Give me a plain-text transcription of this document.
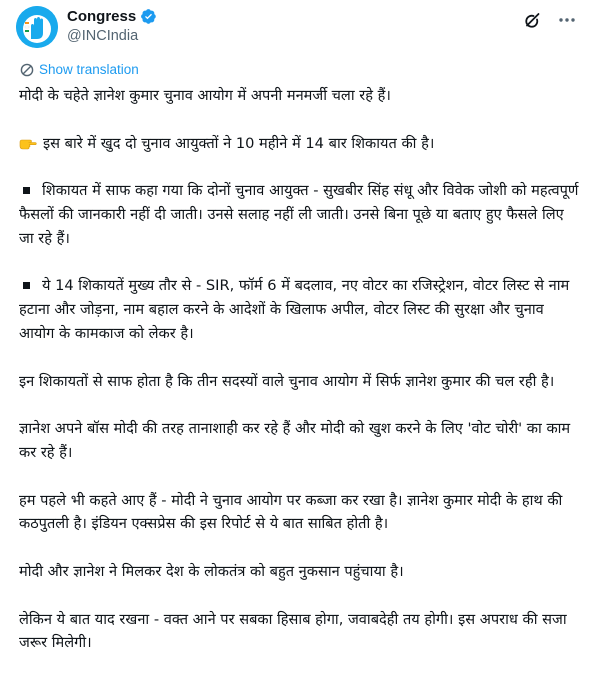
Congress
@INCIndia
Show translation

मोदी के चहेते ज्ञानेश कुमार चुनाव आयोग में अपनी मनमर्जी चला रहे हैं।

इस बारे में खुद दो चुनाव आयुक्तों ने 10 महीने में 14 बार शिकायत की है।

शिकायत में साफ कहा गया कि दोनों चुनाव आयुक्त - सुखबीर सिंह संधू और विवेक जोशी को महत्वपूर्ण फैसलों की जानकारी नहीं दी जाती। उनसे सलाह नहीं ली जाती। उनसे बिना पूछे या बताए हुए फैसले लिए जा रहे हैं।

ये 14 शिकायतें मुख्य तौर से - SIR, फॉर्म 6 में बदलाव, नए वोटर का रजिस्ट्रेशन, वोटर लिस्ट से नाम हटाना और जोड़ना, नाम बहाल करने के आदेशों के खिलाफ अपील, वोटर लिस्ट की सुरक्षा और चुनाव आयोग के कामकाज को लेकर है।

इन शिकायतों से साफ होता है कि तीन सदस्यों वाले चुनाव आयोग में सिर्फ ज्ञानेश कुमार की चल रही है।

ज्ञानेश अपने बॉस मोदी की तरह तानाशाही कर रहे हैं और मोदी को खुश करने के लिए 'वोट चोरी' का काम कर रहे हैं।

हम पहले भी कहते आए हैं - मोदी ने चुनाव आयोग पर कब्जा कर रखा है। ज्ञानेश कुमार मोदी के हाथ की कठपुतली है। इंडियन एक्सप्रेस की इस रिपोर्ट से ये बात साबित होती है।

मोदी और ज्ञानेश ने मिलकर देश के लोकतंत्र को बहुत नुकसान पहुंचाया है।

लेकिन ये बात याद रखना - वक्त आने पर सबका हिसाब होगा, जवाबदेही तय होगी। इस अपराध की सजा जरूर मिलेगी।
